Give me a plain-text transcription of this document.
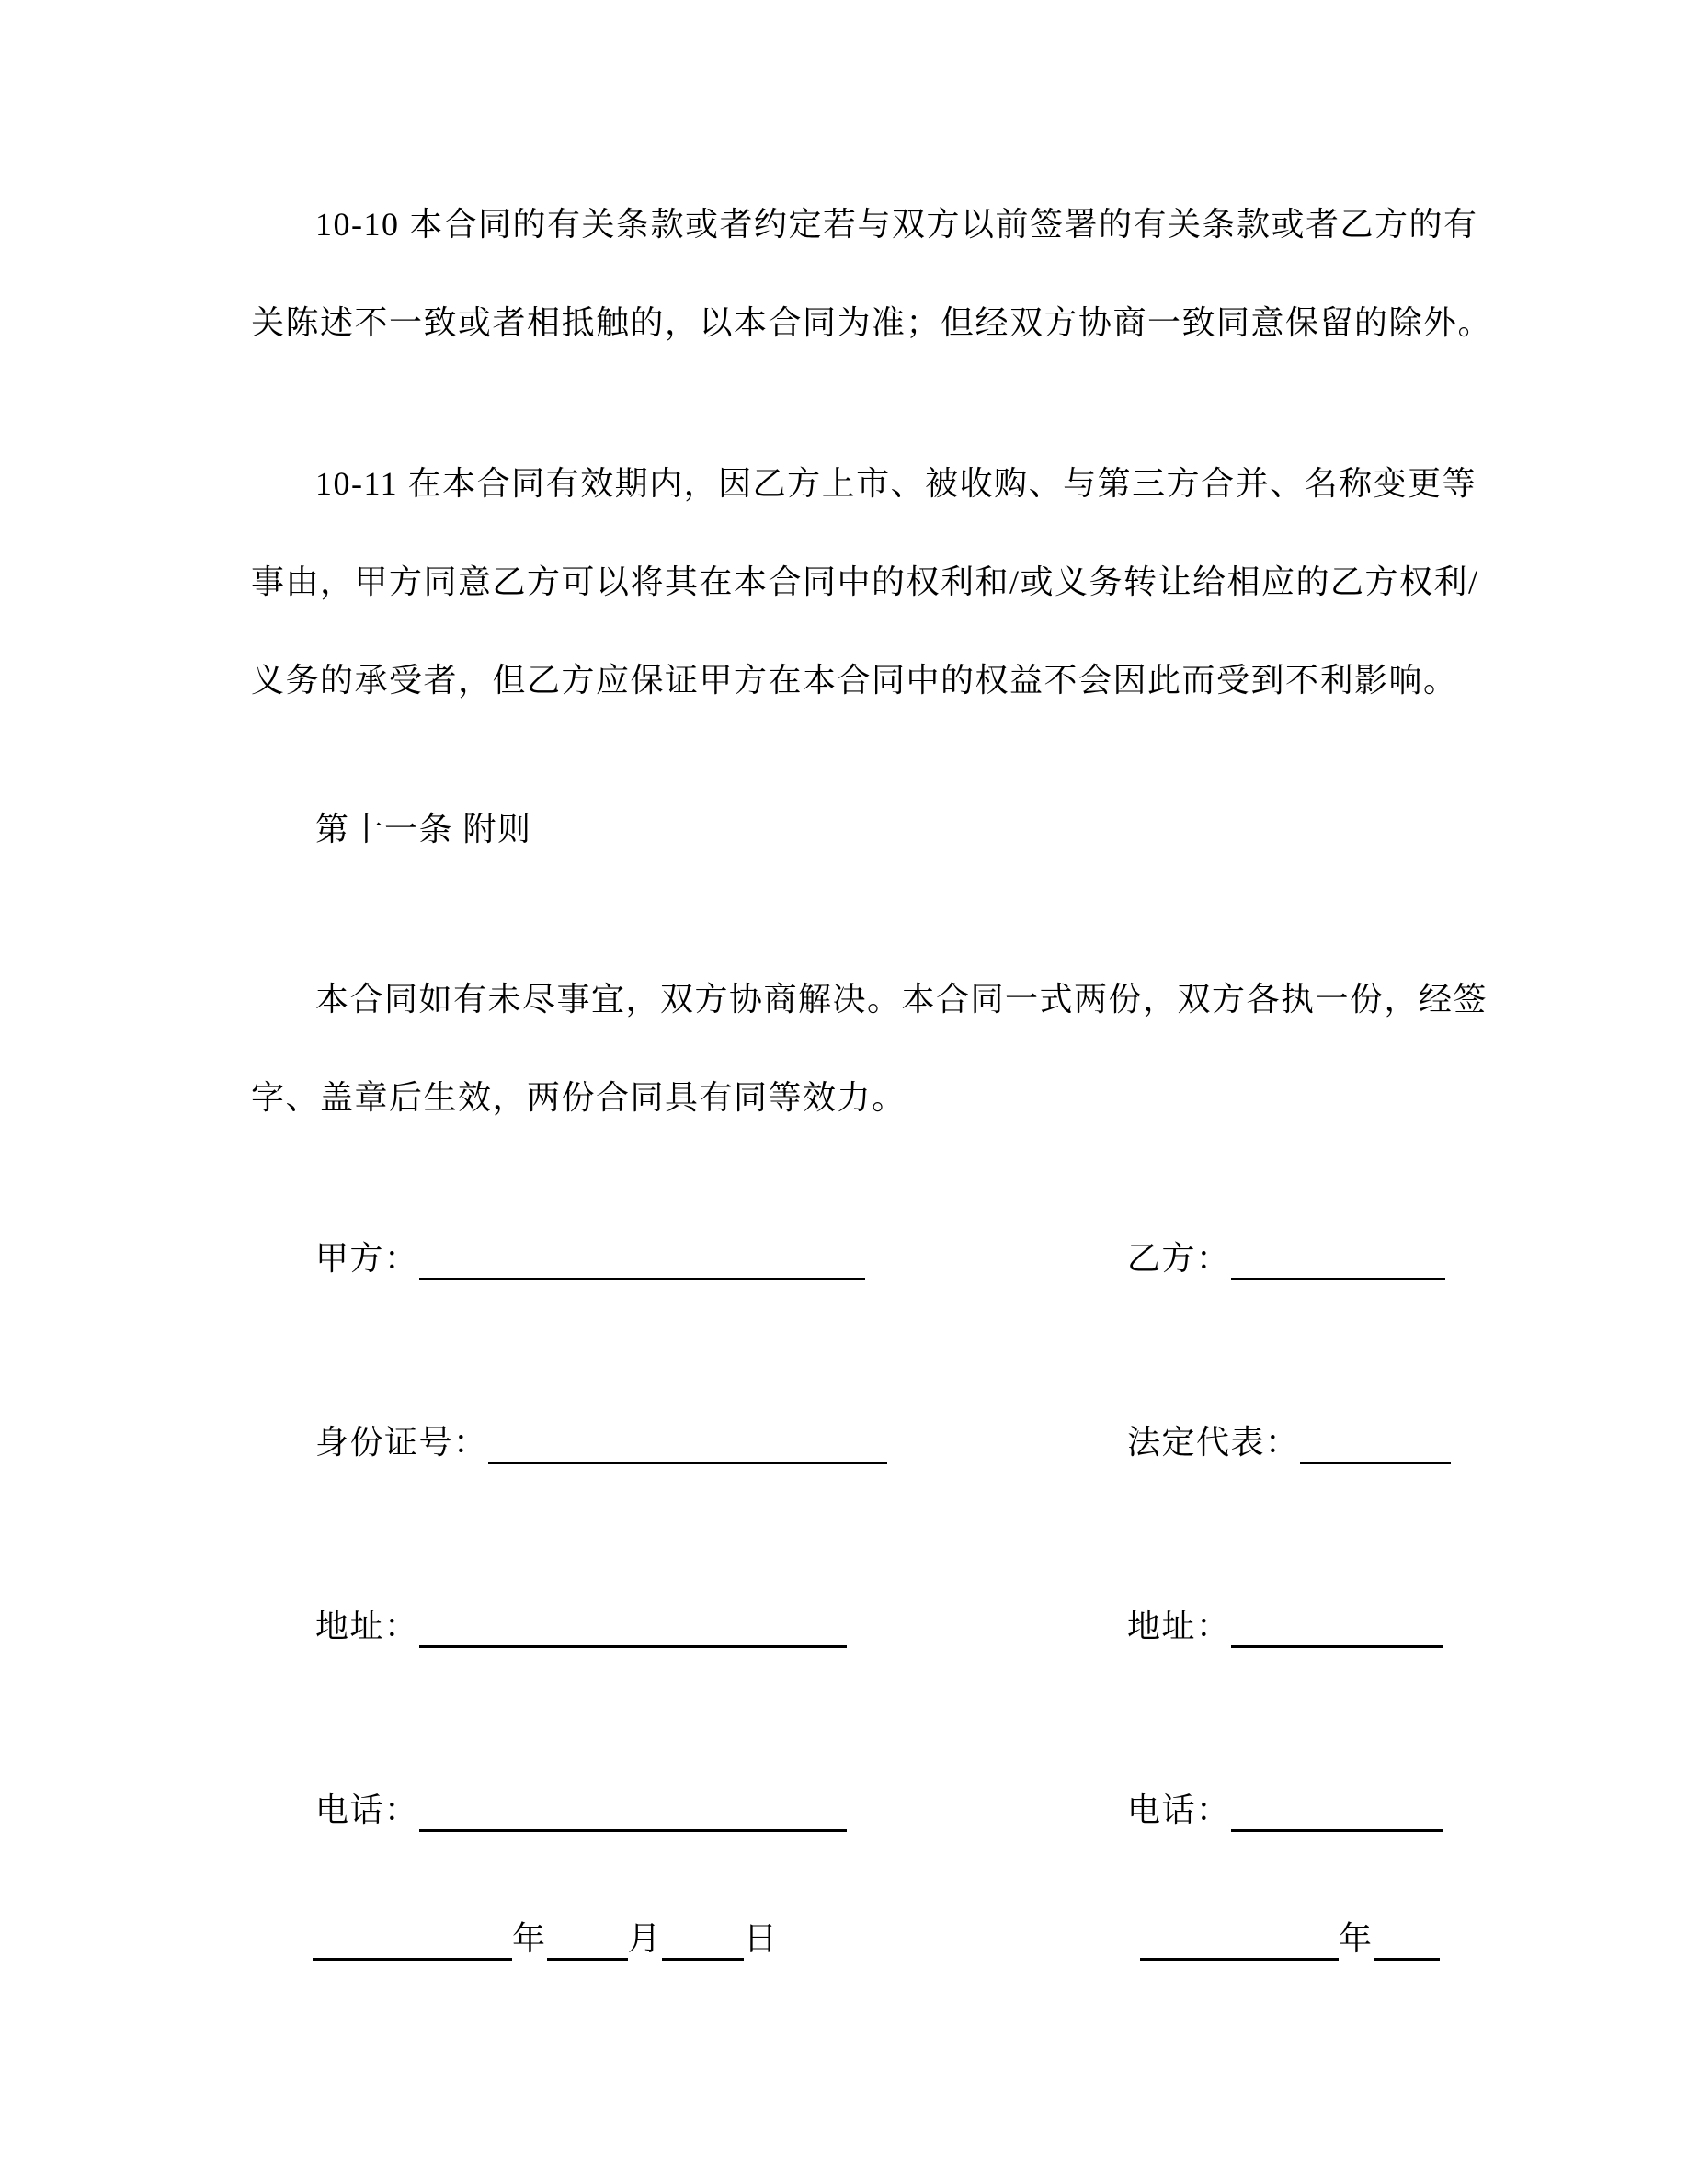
10-10 本合同的有关条款或者约定若与双方以前签署的有关条款或者乙方的有
关陈述不一致或者相抵触的，以本合同为准；但经双方协商一致同意保留的除外。
10-11 在本合同有效期内，因乙方上市、被收购、与第三方合并、名称变更等
事由，甲方同意乙方可以将其在本合同中的权利和/或义务转让给相应的乙方权利/
义务的承受者，但乙方应保证甲方在本合同中的权益不会因此而受到不利影响。
第十一条 附则
本合同如有未尽事宜，双方协商解决。本合同一式两份，双方各执一份，经签
字、盖章后生效，两份合同具有同等效力。
甲方：	乙方：
身份证号：	法定代表：
地址：	地址：
电话：	电话：
年 月 日	年
